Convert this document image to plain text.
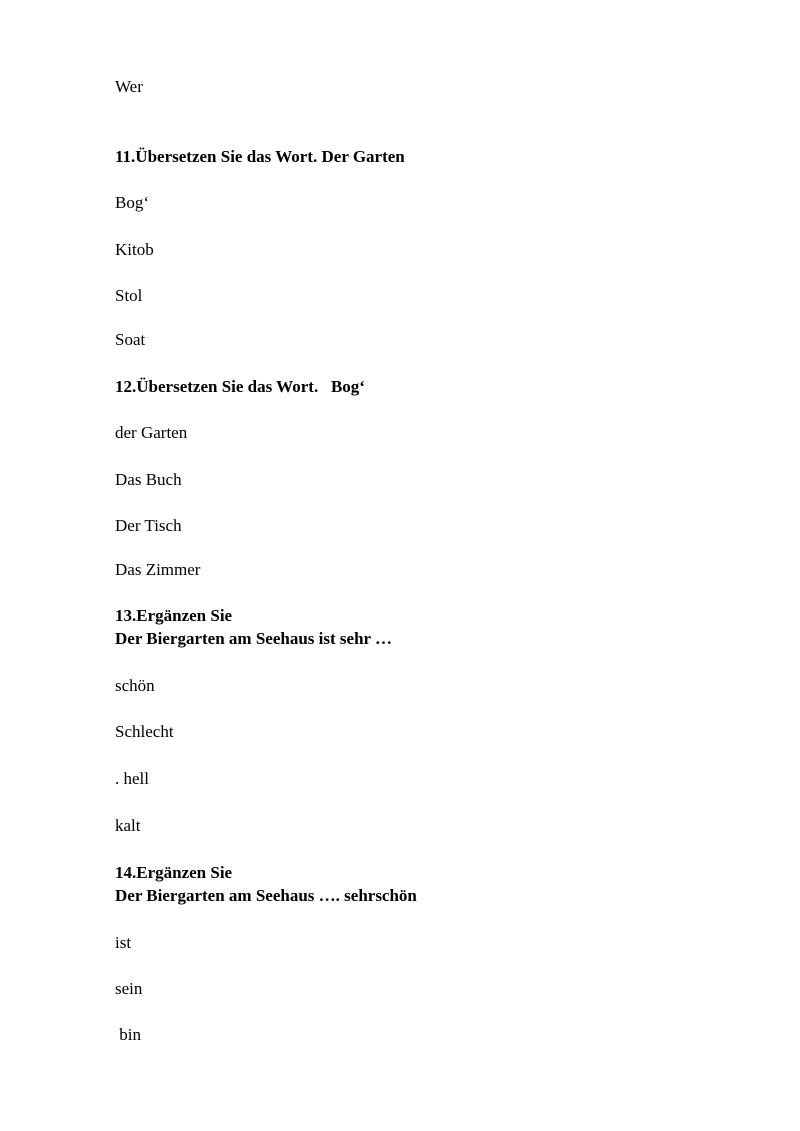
Wer

11.Übersetzen Sie das Wort. Der Garten

Bog‘

Kitob

Stol

Soat

12.Übersetzen Sie das Wort.   Bog‘

der Garten

Das Buch

Der Tisch

Das Zimmer

13.Ergänzen Sie

Der Biergarten am Seehaus ist sehr …

schön

Schlecht

. hell

kalt

14.Ergänzen Sie

Der Biergarten am Seehaus …. sehrschön

ist

sein

bin
